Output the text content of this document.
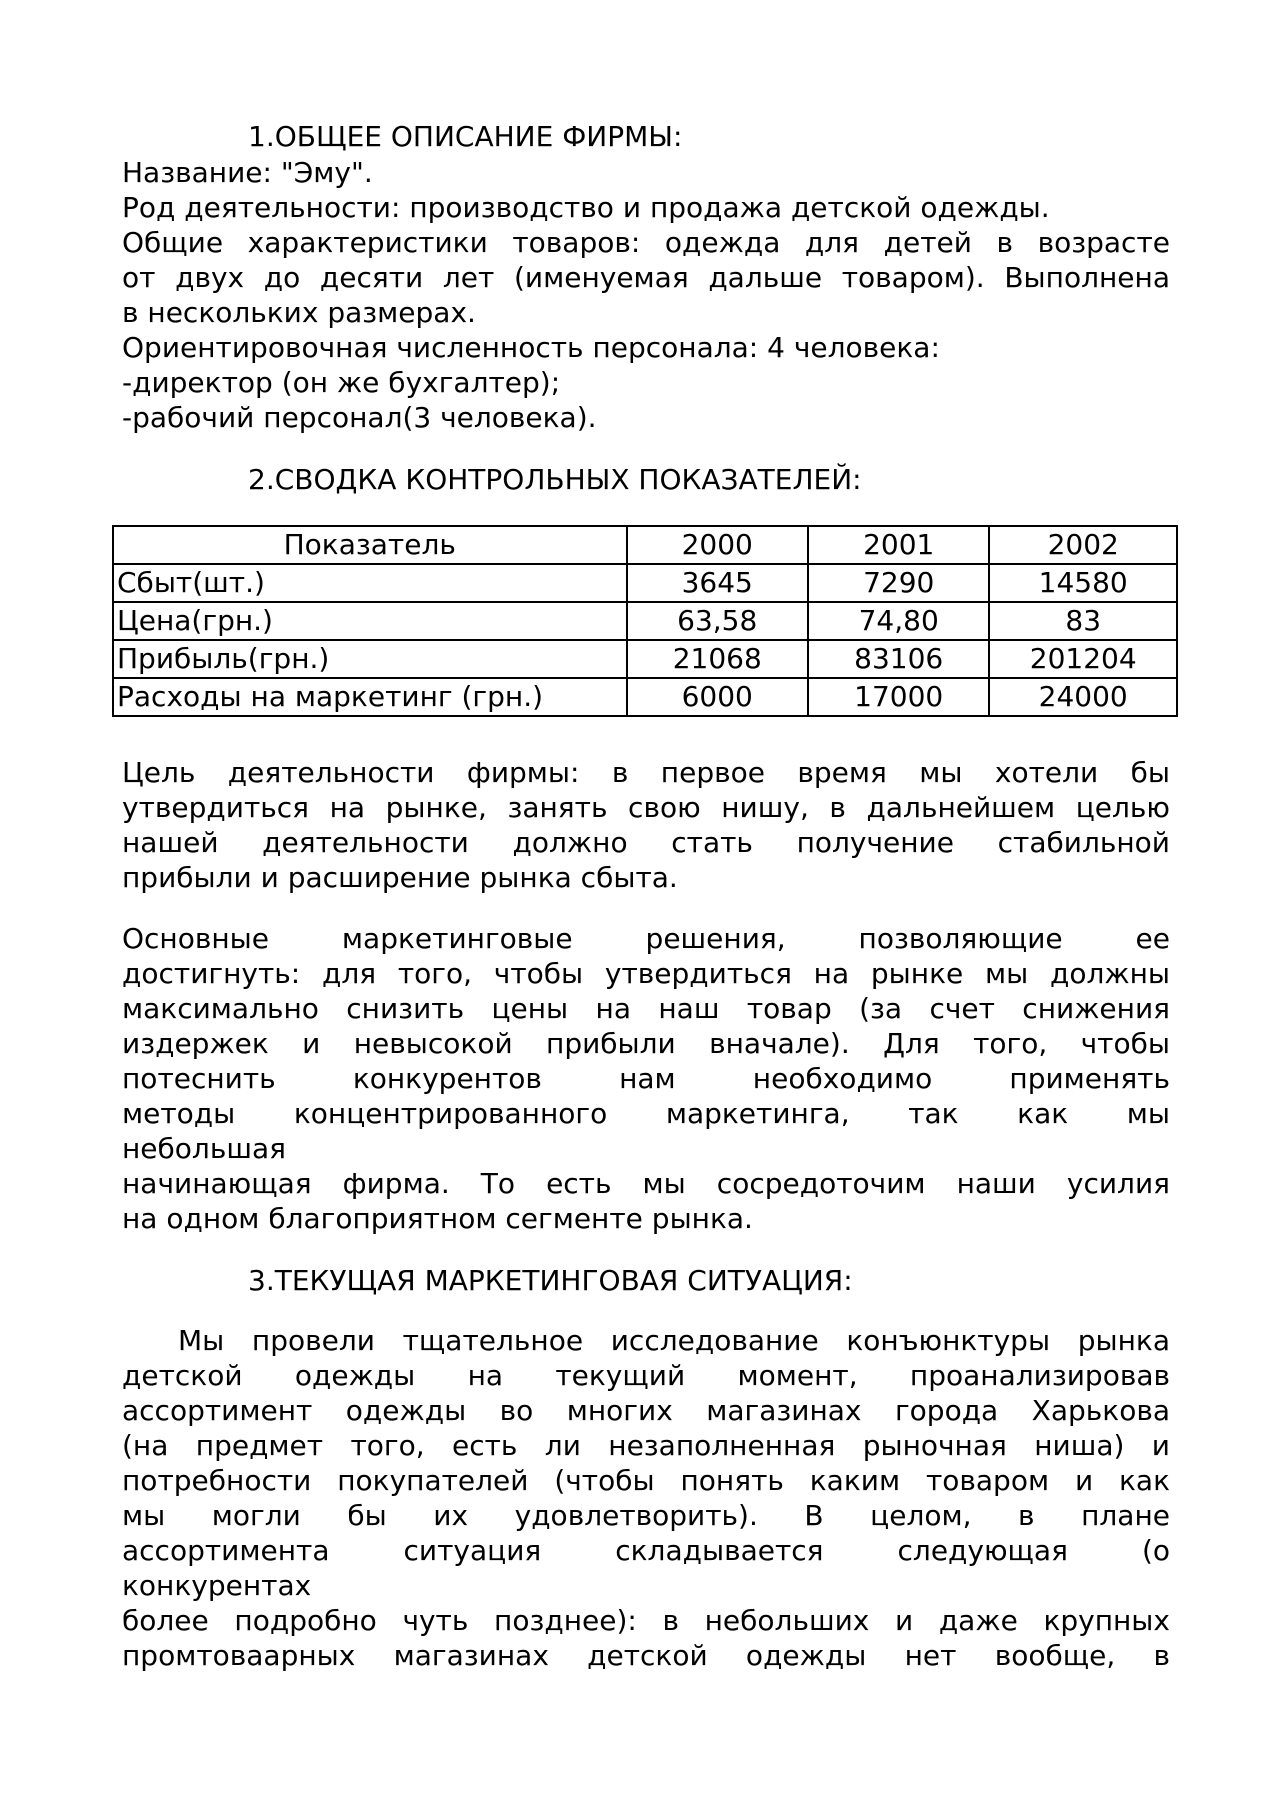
1.ОБЩЕЕ ОПИСАНИЕ ФИРМЫ:
Название: "Эму".
Род деятельности: производство и продажа детской одежды.
Общие характеристики товаров: одежда для детей в возрасте
от двух до десяти лет (именуемая дальше товаром). Выполнена
в нескольких размерах.
Ориентировочная численность персонала: 4 человека:
-директор (он же бухгалтер);
-рабочий персонал(3 человека).
2.СВОДКА КОНТРОЛЬНЫХ ПОКАЗАТЕЛЕЙ:
Показатель	2000	2001	2002
Сбыт(шт.)	3645	7290	14580
Цена(грн.)	63,58	74,80	83
Прибыль(грн.)	21068	83106	201204
Расходы на маркетинг (грн.)	6000	17000	24000
Цель деятельности фирмы: в первое время мы хотели бы
утвердиться на рынке, занять свою нишу, в дальнейшем целью
нашей деятельности должно стать получение стабильной
прибыли и расширение рынка сбыта.
Основные маркетинговые решения, позволяющие ее
достигнуть: для того, чтобы утвердиться на рынке мы должны
максимально снизить цены на наш товар (за счет снижения
издержек и невысокой прибыли вначале). Для того, чтобы
потеснить конкурентов нам необходимо применять
методы концентрированного маркетинга, так как мы
небольшая
начинающая фирма. То есть мы сосредоточим наши усилия
на одном благоприятном сегменте рынка.
3.ТЕКУЩАЯ МАРКЕТИНГОВАЯ СИТУАЦИЯ:
Мы провели тщательное исследование конъюнктуры рынка
детской одежды на текущий момент, проанализировав
ассортимент одежды во многих магазинах города Харькова
(на предмет того, есть ли незаполненная рыночная ниша) и
потребности покупателей (чтобы понять каким товаром и как
мы могли бы их удовлетворить). В целом, в плане
ассортимента ситуация складывается следующая (о
конкурентах
более подробно чуть позднее): в небольших и даже крупных
промтоваарных магазинах детской одежды нет вообще, в
